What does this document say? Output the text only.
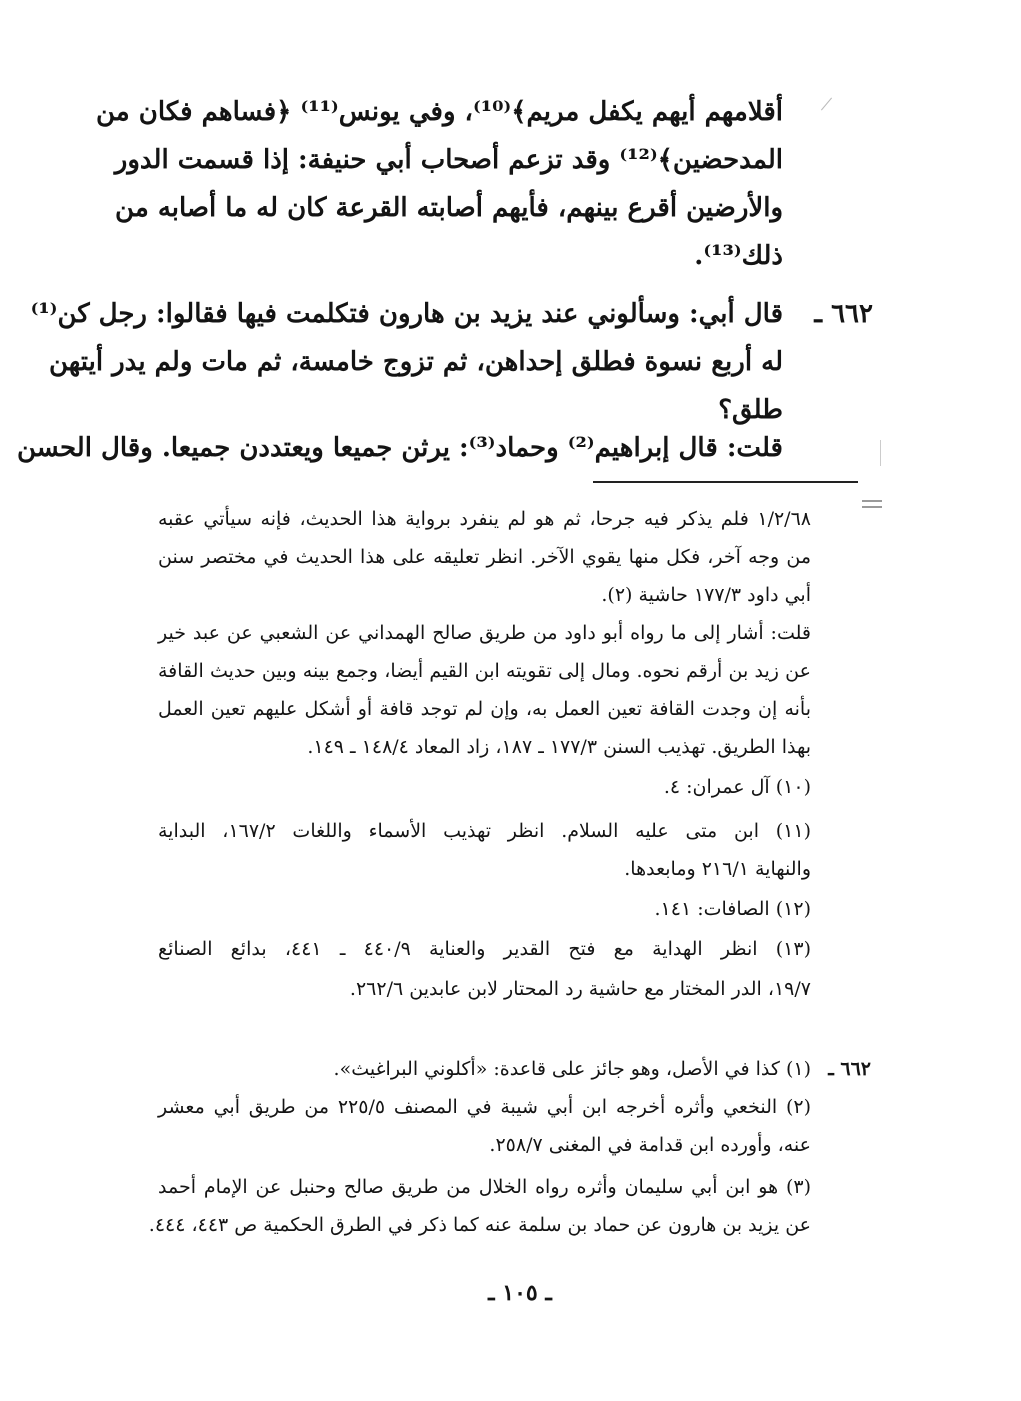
أقلامهم أيهم يكفل مريم﴾⁽¹⁰⁾، وفي يونس⁽¹¹⁾ ﴿فساهم فكان من
المدحضين﴾⁽¹²⁾ وقد تزعم أصحاب أبي حنيفة: إذا قسمت الدور
والأرضين أقرع بينهم، فأيهم أصابته القرعة كان له ما أصابه من
ذلك⁽¹³⁾.
٦٦٢ ـ
قال أبي: وسألوني عند يزيد بن هارون فتكلمت فيها فقالوا: رجل كن⁽¹⁾
له أربع نسوة فطلق إحداهن، ثم تزوج خامسة، ثم مات ولم يدر أيتهن
طلق؟
قلت: قال إبراهيم⁽²⁾ وحماد⁽³⁾: يرثن جميعا ويعتددن جميعا. وقال الحسن
١/٢/٦٨ فلم يذكر فيه جرحا، ثم هو لم ينفرد برواية هذا الحديث، فإنه سيأتي عقبه
من وجه آخر، فكل منها يقوي الآخر. انظر تعليقه على هذا الحديث في مختصر سنن
أبي داود ١٧٧/٣ حاشية (٢).
قلت: أشار إلى ما رواه أبو داود من طريق صالح الهمداني عن الشعبي عن عبد خير
عن زيد بن أرقم نحوه. ومال إلى تقويته ابن القيم أيضا، وجمع بينه وبين حديث القافة
بأنه إن وجدت القافة تعين العمل به، وإن لم توجد قافة أو أشكل عليهم تعين العمل
بهذا الطريق. تهذيب السنن ١٧٧/٣ ـ ١٨٧، زاد المعاد ١٤٨/٤ ـ ١٤٩.
(١٠) آل عمران: ٤.
(١١) ابن متى عليه السلام. انظر تهذيب الأسماء واللغات ١٦٧/٢، البداية
والنهاية ٢١٦/١ ومابعدها.
(١٢) الصافات: ١٤١.
(١٣) انظر الهداية مع فتح القدير والعناية ٤٤٠/٩ ـ ٤٤١، بدائع الصنائع
١٩/٧، الدر المختار مع حاشية رد المحتار لابن عابدين ٢٦٢/٦.
٦٦٢ ـ
(١) كذا في الأصل، وهو جائز على قاعدة: «أكلوني البراغيث».
(٢) النخعي وأثره أخرجه ابن أبي شيبة في المصنف ٢٢٥/٥ من طريق أبي معشر
عنه، وأورده ابن قدامة في المغنى ٢٥٨/٧.
(٣) هو ابن أبي سليمان وأثره رواه الخلال من طريق صالح وحنبل عن الإمام أحمد
عن يزيد بن هارون عن حماد بن سلمة عنه كما ذكر في الطرق الحكمية ص ٤٤٣، ٤٤٤.
ـ ١٠٥ ـ
